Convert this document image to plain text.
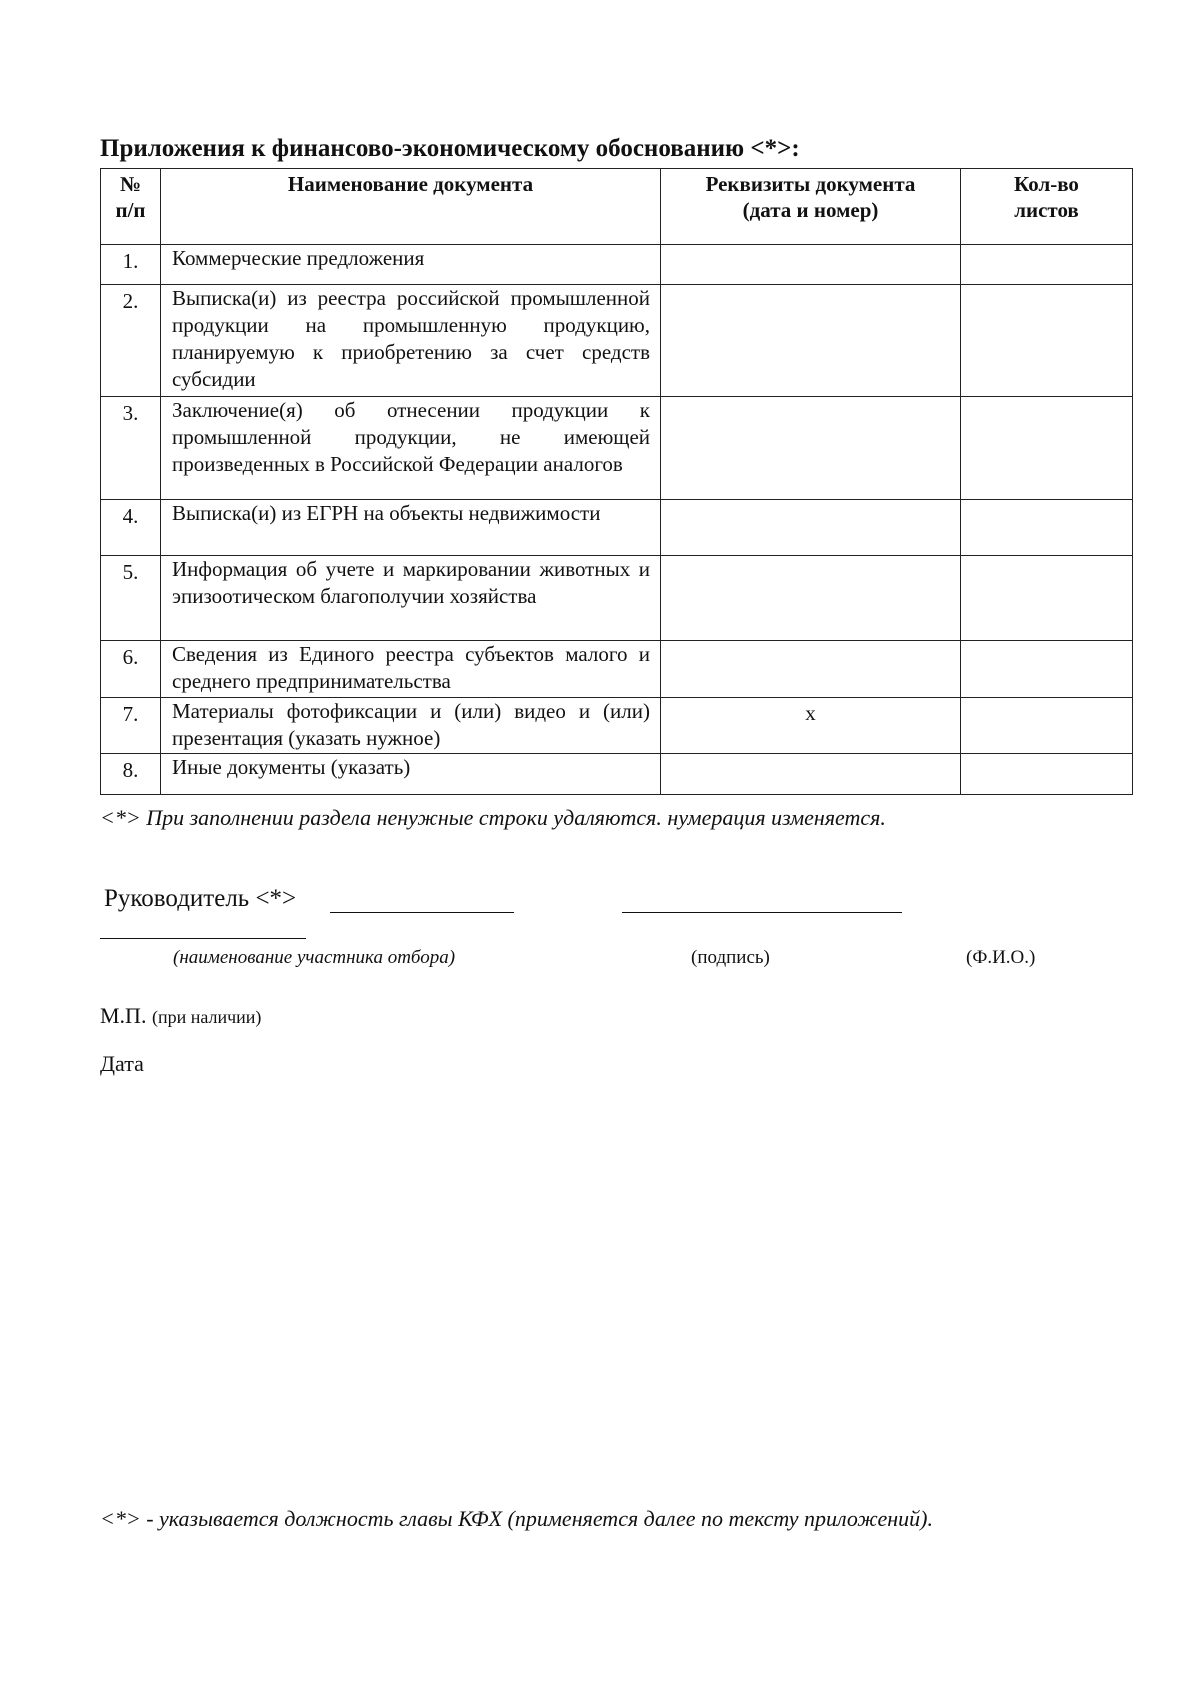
Приложения к финансово-экономическому обоснованию <*>:
№ п/п	Наименование документа	Реквизиты документа (дата и номер)	Кол-во листов
1.	Коммерческие предложения		
2.	Выписка(и) из реестра российской промышленной продукции на промышленную продукцию, планируемую к приобретению за счет средств субсидии		
3.	Заключение(я) об отнесении продукции к промышленной продукции, не имеющей произведенных в Российской Федерации аналогов		
4.	Выписка(и) из ЕГРН на объекты недвижимости		
5.	Информация об учете и маркировании животных и эпизоотическом благополучии хозяйства		
6.	Сведения из Единого реестра субъектов малого и среднего предпринимательства		
7.	Материалы фотофиксации и (или) видео и (или) презентация (указать нужное)	x	
8.	Иные документы (указать)		
<*> При заполнении раздела ненужные строки удаляются. нумерация изменяется.
Руководитель <*>
(наименование участника отбора)	(подпись)	(Ф.И.О.)
М.П. (при наличии)
Дата
<*> - указывается должность главы КФХ (применяется далее по тексту приложений).
